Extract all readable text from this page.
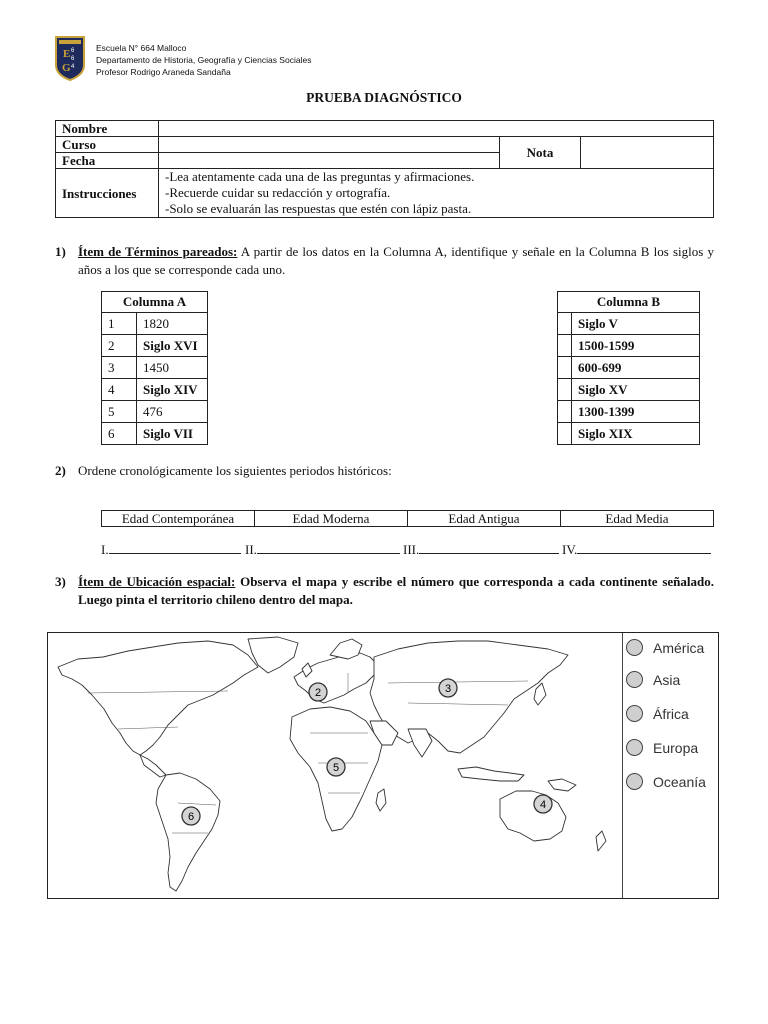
E 6
6
4
G
Escuela N° 664 Malloco
Departamento de Historia, Geografía y Ciencias Sociales
Profesor Rodrigo Araneda Sandaña
PRUEBA DIAGNÓSTICO
Nombre			
Curso		Nota	
Fecha			
Instrucciones	-Lea atentamente cada una de las preguntas y afirmaciones.
-Recuerde cuidar su redacción y ortografía.
-Solo se evaluarán las respuestas que estén con lápiz pasta.		
1) Ítem de Términos pareados: A partir de los datos en la Columna A, identifique y señale en la Columna B los siglos y años a los que se corresponde cada uno.
Columna A	
1	1820
2	Siglo XVI
3	1450
4	Siglo XIV
5	476
6	Siglo VII
Columna B	
	Siglo V
	1500-1599
	600-699
	Siglo XV
	1300-1399
	Siglo XIX
2) Ordene cronológicamente los siguientes periodos históricos:
Edad Contemporánea	Edad Moderna	Edad Antigua	Edad Media
I.	II.	III.	IV.
3) Ítem de Ubicación espacial: Observa el mapa y escribe el número que corresponda a cada continente señalado. Luego pinta el territorio chileno dentro del mapa.
2	3
5
4
6
América
Asia
África
Europa
Oceanía
